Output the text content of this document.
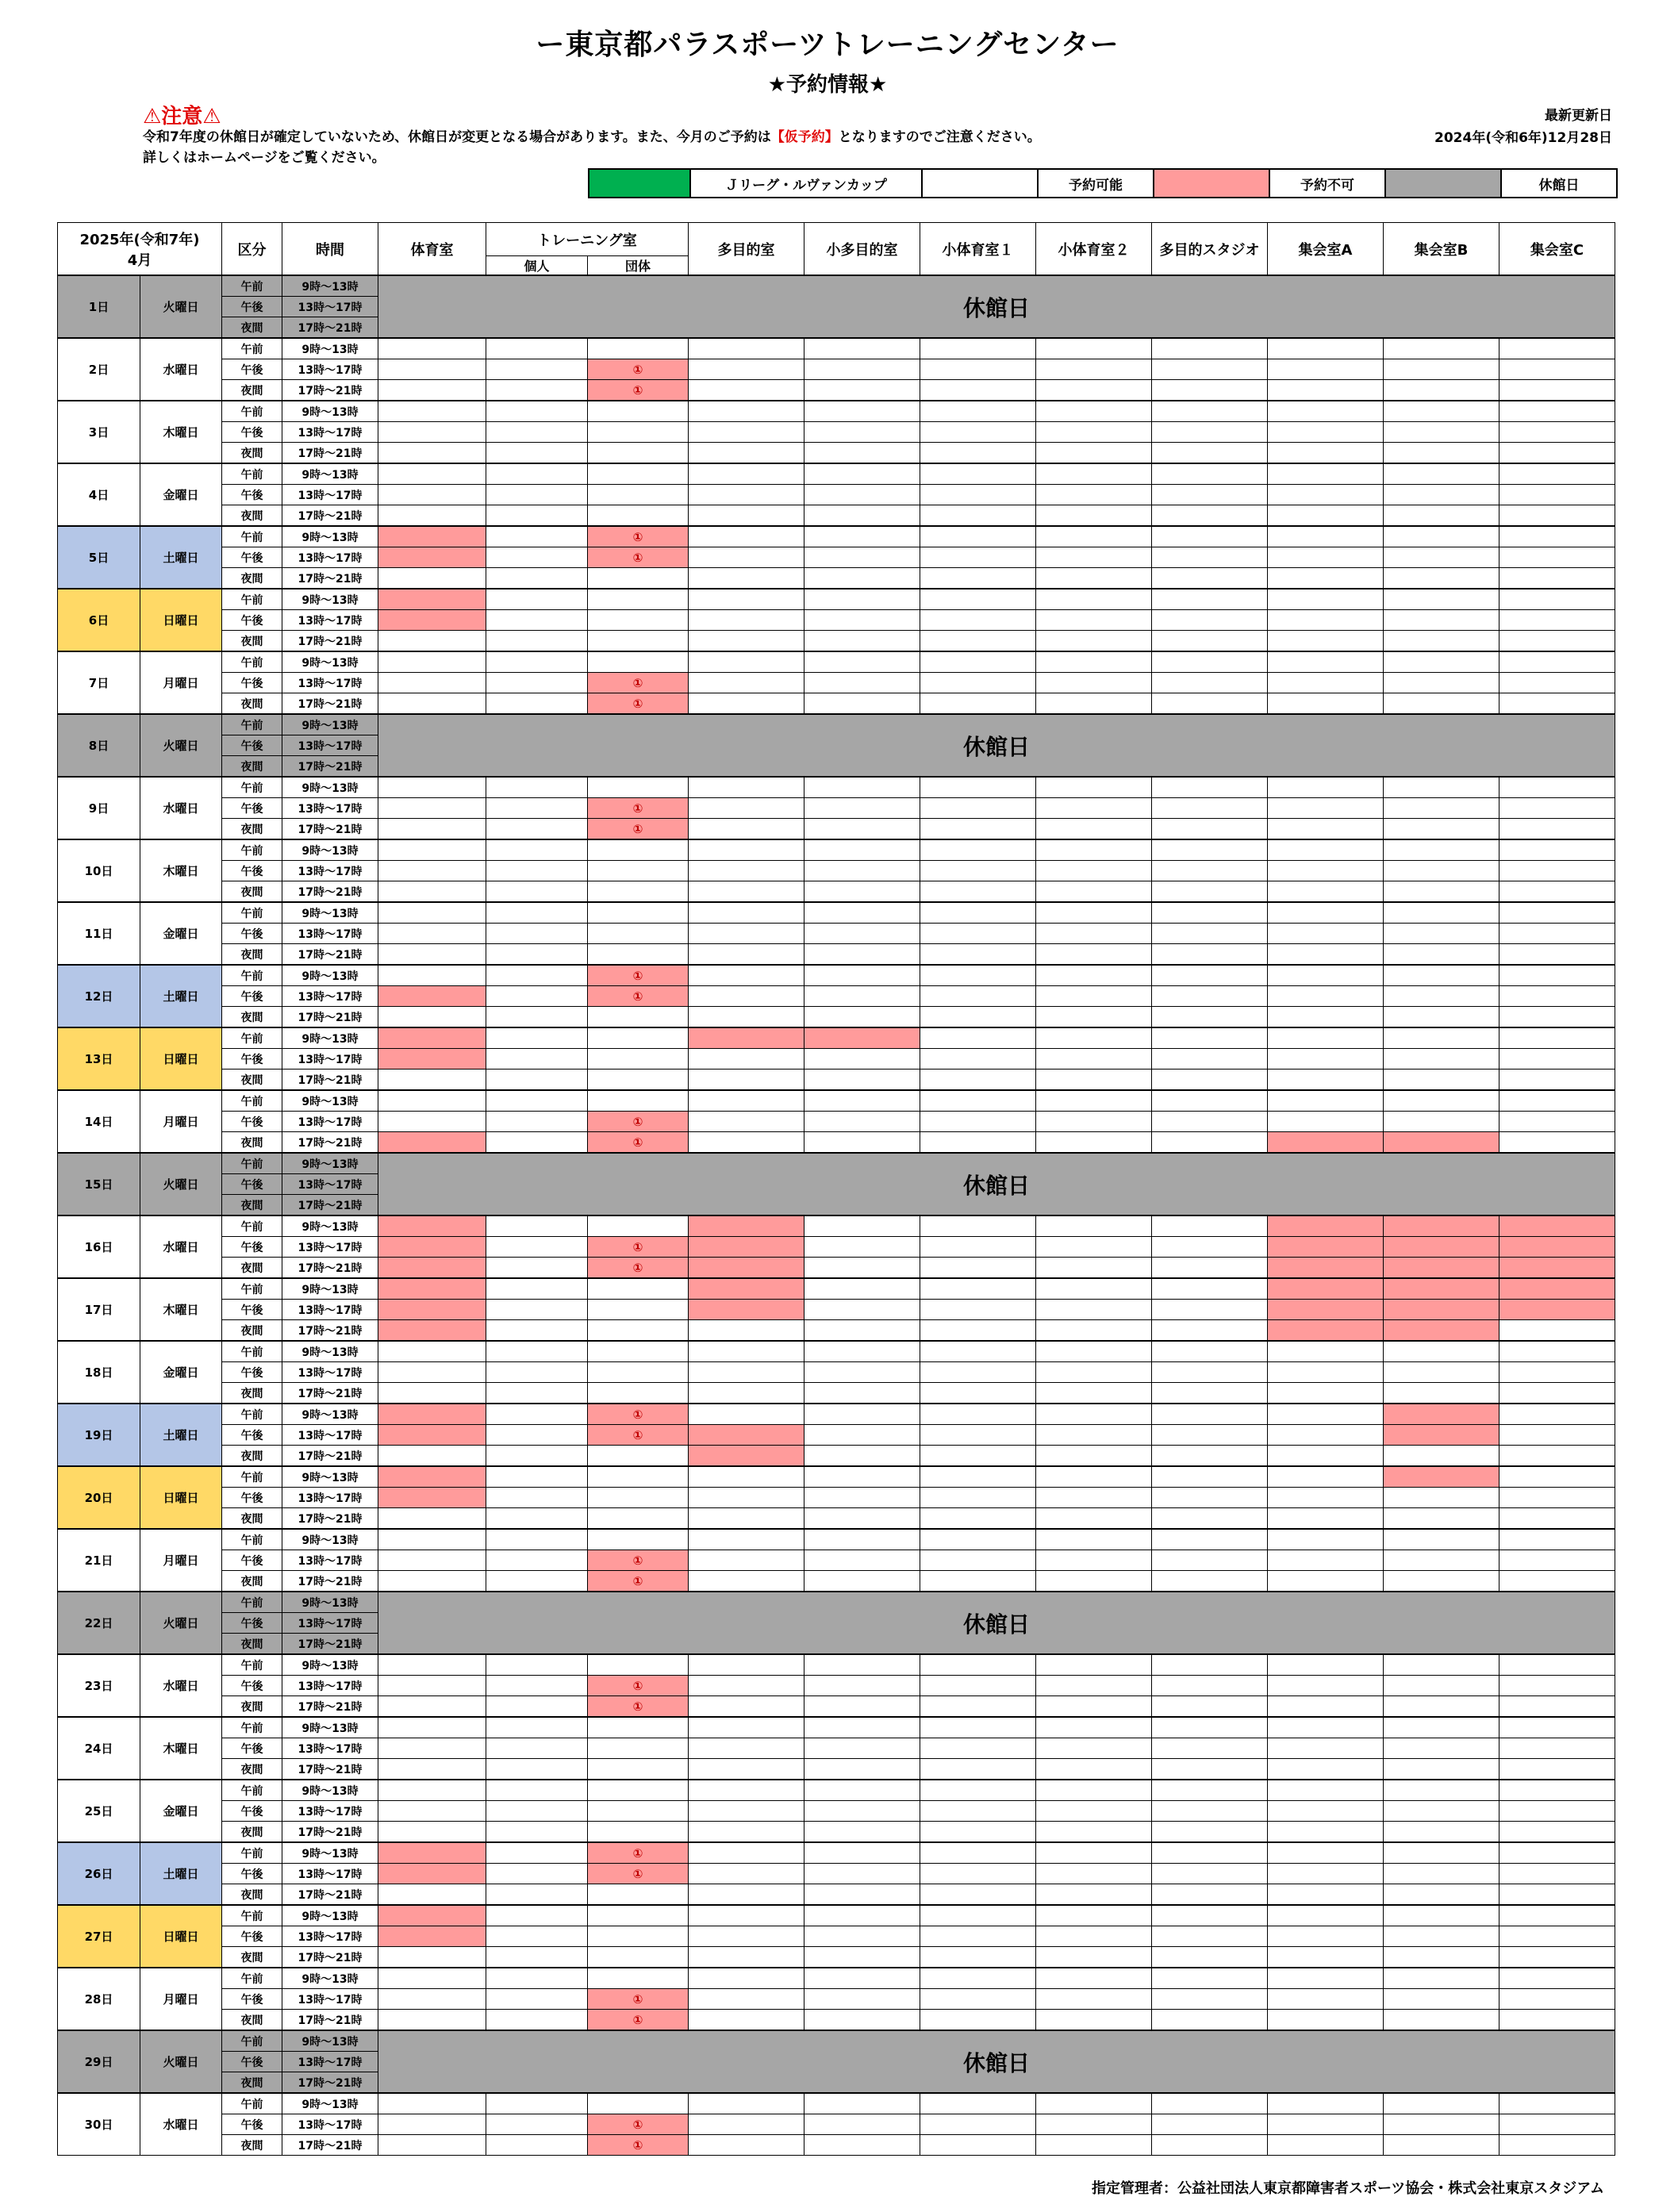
ー東京都パラスポーツトレーニングセンター
★予約情報★
⚠注意⚠
令和7年度の休館日が確定していないため、休館日が変更となる場合があります。また、今月のご予約は【仮予約】となりますのでご注意ください。
詳しくはホームページをご覧ください。
最新更新日
2024年(令和6年)12月28日
	Ｊリーグ・ルヴァンカップ		予約可能		予約不可		休館日
2025年(令和7年)
4月		区分	時間	体育室	トレーニング室		多目的室	小多目的室	小体育室１	小体育室２	多目的スタジオ	集会室A	集会室B	集会室C
					個人	団体								
1日	火曜日	午前	9時～13時	休館日										
		午後	13時～17時											
		夜間	17時～21時											
2日	水曜日	午前	9時～13時											
		午後	13時～17時			①								
		夜間	17時～21時			①								
3日	木曜日	午前	9時～13時											
		午後	13時～17時											
		夜間	17時～21時											
4日	金曜日	午前	9時～13時											
		午後	13時～17時											
		夜間	17時～21時											
5日	土曜日	午前	9時～13時			①								
		午後	13時～17時			①								
		夜間	17時～21時											
6日	日曜日	午前	9時～13時											
		午後	13時～17時											
		夜間	17時～21時											
7日	月曜日	午前	9時～13時											
		午後	13時～17時			①								
		夜間	17時～21時			①								
8日	火曜日	午前	9時～13時	休館日										
		午後	13時～17時											
		夜間	17時～21時											
9日	水曜日	午前	9時～13時											
		午後	13時～17時			①								
		夜間	17時～21時			①								
10日	木曜日	午前	9時～13時											
		午後	13時～17時											
		夜間	17時～21時											
11日	金曜日	午前	9時～13時											
		午後	13時～17時											
		夜間	17時～21時											
12日	土曜日	午前	9時～13時			①								
		午後	13時～17時			①								
		夜間	17時～21時											
13日	日曜日	午前	9時～13時											
		午後	13時～17時											
		夜間	17時～21時											
14日	月曜日	午前	9時～13時											
		午後	13時～17時			①								
		夜間	17時～21時			①								
15日	火曜日	午前	9時～13時	休館日										
		午後	13時～17時											
		夜間	17時～21時											
16日	水曜日	午前	9時～13時											
		午後	13時～17時			①								
		夜間	17時～21時			①								
17日	木曜日	午前	9時～13時											
		午後	13時～17時											
		夜間	17時～21時											
18日	金曜日	午前	9時～13時											
		午後	13時～17時											
		夜間	17時～21時											
19日	土曜日	午前	9時～13時			①								
		午後	13時～17時			①								
		夜間	17時～21時											
20日	日曜日	午前	9時～13時											
		午後	13時～17時											
		夜間	17時～21時											
21日	月曜日	午前	9時～13時											
		午後	13時～17時			①								
		夜間	17時～21時			①								
22日	火曜日	午前	9時～13時	休館日										
		午後	13時～17時											
		夜間	17時～21時											
23日	水曜日	午前	9時～13時											
		午後	13時～17時			①								
		夜間	17時～21時			①								
24日	木曜日	午前	9時～13時											
		午後	13時～17時											
		夜間	17時～21時											
25日	金曜日	午前	9時～13時											
		午後	13時～17時											
		夜間	17時～21時											
26日	土曜日	午前	9時～13時			①								
		午後	13時～17時			①								
		夜間	17時～21時											
27日	日曜日	午前	9時～13時											
		午後	13時～17時											
		夜間	17時～21時											
28日	月曜日	午前	9時～13時											
		午後	13時～17時			①								
		夜間	17時～21時			①								
29日	火曜日	午前	9時～13時	休館日										
		午後	13時～17時											
		夜間	17時～21時											
30日	水曜日	午前	9時～13時											
		午後	13時～17時			①								
		夜間	17時～21時			①								
指定管理者：公益社団法人東京都障害者スポーツ協会・株式会社東京スタジアム
